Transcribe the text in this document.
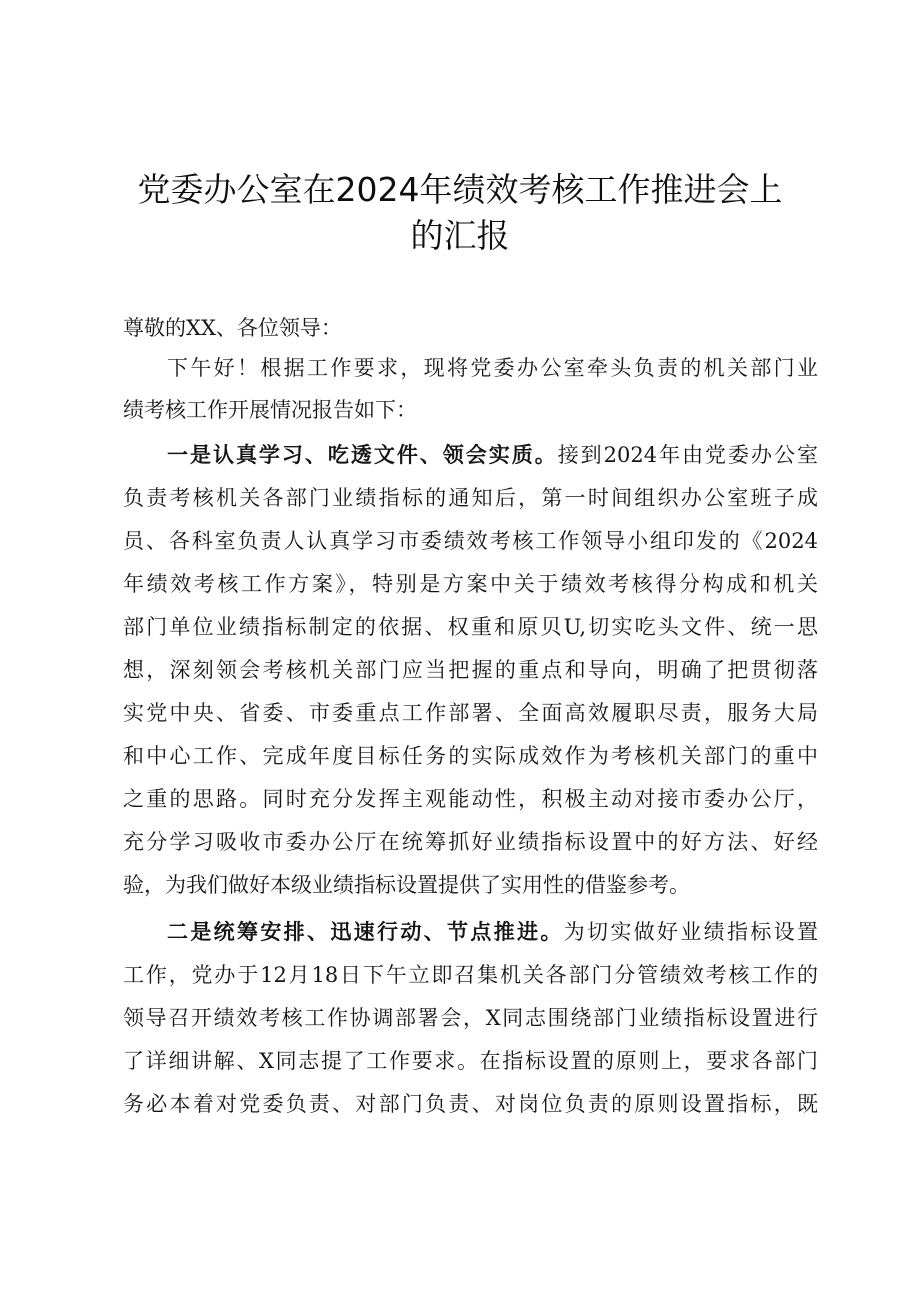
党委办公室在2024年绩效考核工作推进会上
的汇报
尊敬的XX、各位领导：
下午好！根据工作要求，现将党委办公室牵头负责的机关部门业
绩考核工作开展情况报告如下：
一是认真学习、吃透文件、领会实质。接到2024年由党委办公室
负责考核机关各部门业绩指标的通知后，第一时间组织办公室班子成
员、各科室负责人认真学习市委绩效考核工作领导小组印发的《2024
年绩效考核工作方案》，特别是方案中关于绩效考核得分构成和机关
部门单位业绩指标制定的依据、权重和原贝U,切实吃头文件、统一思
想，深刻领会考核机关部门应当把握的重点和导向，明确了把贯彻落
实党中央、省委、市委重点工作部署、全面高效履职尽责，服务大局
和中心工作、完成年度目标任务的实际成效作为考核机关部门的重中
之重的思路。同时充分发挥主观能动性，积极主动对接市委办公厅，
充分学习吸收市委办公厅在统筹抓好业绩指标设置中的好方法、好经
验，为我们做好本级业绩指标设置提供了实用性的借鉴参考。
二是统筹安排、迅速行动、节点推进。为切实做好业绩指标设置
工作，党办于12月18日下午立即召集机关各部门分管绩效考核工作的
领导召开绩效考核工作协调部署会，X同志围绕部门业绩指标设置进行
了详细讲解、X同志提了工作要求。在指标设置的原则上，要求各部门
务必本着对党委负责、对部门负责、对岗位负责的原则设置指标，既
